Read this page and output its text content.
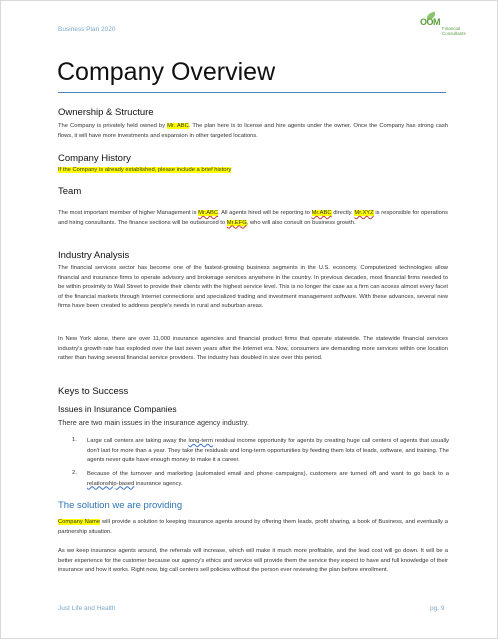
Business Plan 2020
OOM
Financial
Consultants
Company Overview
Ownership & Structure

The Company is privately held owned by Mr. ABC. The plan here is to license and hire agents under the owner. Once the Company has strong cash flows, it will have more investments and expansion in other targeted locations.

Company History

If the Company is already established, please include a brief history

Team

The most important member of higher Management is Mr.ABC. All agents hired will be reporting to Mr.ABC directly. Mr.XYZ is responsible for operations and hiring consultants. The finance sections will be outsourced to Mr.EFG, who will also consult on business growth.

Industry Analysis

The financial services sector has become one of the fastest-growing business segments in the U.S. economy. Computerized technologies allow financial and insurance firms to operate advisory and brokerage services anywhere in the country. In previous decades, most financial firms needed to be within proximity to Wall Street to provide their clients with the highest service level. This is no longer the case as a firm can access almost every facet of the financial markets through Internet connections and specialized trading and investment management software. With these advances, several new firms have been created to address people's needs in rural and suburban areas.

In New York alone, there are over 11,000 insurance agencies and financial product firms that operate statewide. The statewide financial services industry's growth rate has exploded over the last seven years after the Internet era. Now, consumers are demanding more services within one location rather than having several financial service providers. The industry has doubled in size over this period.

Keys to Success
Issues in Insurance Companies

There are two main issues in the insurance agency industry.

1. Large call centers are taking away the long-term residual income opportunity for agents by creating huge call centers of agents that usually don't last for more than a year. They take the residuals and long-term opportunities by feeding them lots of leads, software, and training. The agents never quite have enough money to make it a career.

2. Because of the turnover and marketing (automated email and phone campaigns), customers are turned off and want to go back to a relationship-based insurance agency.

The solution we are providing

Company Name will provide a solution to keeping insurance agents around by offering them leads, profit sharing, a book of Business, and eventually a partnership situation.

As we keep insurance agents around, the referrals will increase, which will make it much more profitable, and the lead cost will go down. It will be a better experience for the customer because our agency's ethics and service will provide them the service they expect to have and full knowledge of their insurance and how it works. Right now, big call centers sell policies without the person ever reviewing the plan before enrollment.

Just Life and Health	pg. 9
